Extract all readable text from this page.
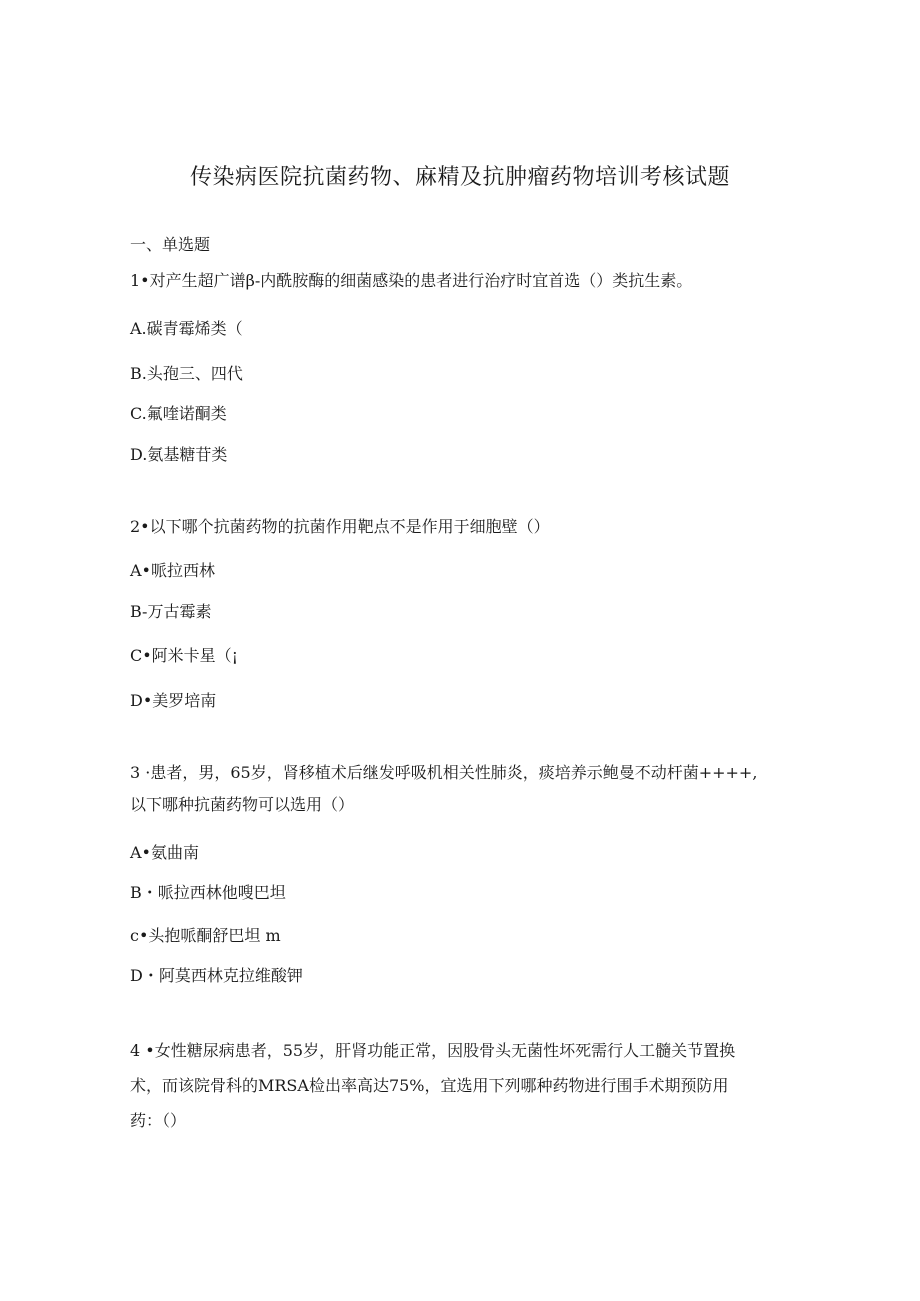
传染病医院抗菌药物、麻精及抗肿瘤药物培训考核试题
一、单选题
1•对产生超广谱β-内酰胺酶的细菌感染的患者进行治疗时宜首选（）类抗生素。
A.碳青霉烯类（
B.头孢三、四代
C.氟喹诺酮类
D.氨基糖苷类
2•以下哪个抗菌药物的抗菌作用靶点不是作用于细胞壁（）
A•哌拉西林
B-万古霉素
C•阿米卡星（¡
D•美罗培南
3 ·患者，男，65岁，肾移植术后继发呼吸机相关性肺炎，痰培养示鲍曼不动杆菌++++,
以下哪种抗菌药物可以选用（）
A•氨曲南
B・哌拉西林他嗖巴坦
c•头抱哌酮舒巴坦 m
D・阿莫西林克拉维酸钾
4 •女性糖尿病患者，55岁，肝肾功能正常，因股骨头无菌性坏死需行人工髓关节置换
术，而该院骨科的MRSA检出率高达75%，宜选用下列哪种药物进行围手术期预防用
药：（）
